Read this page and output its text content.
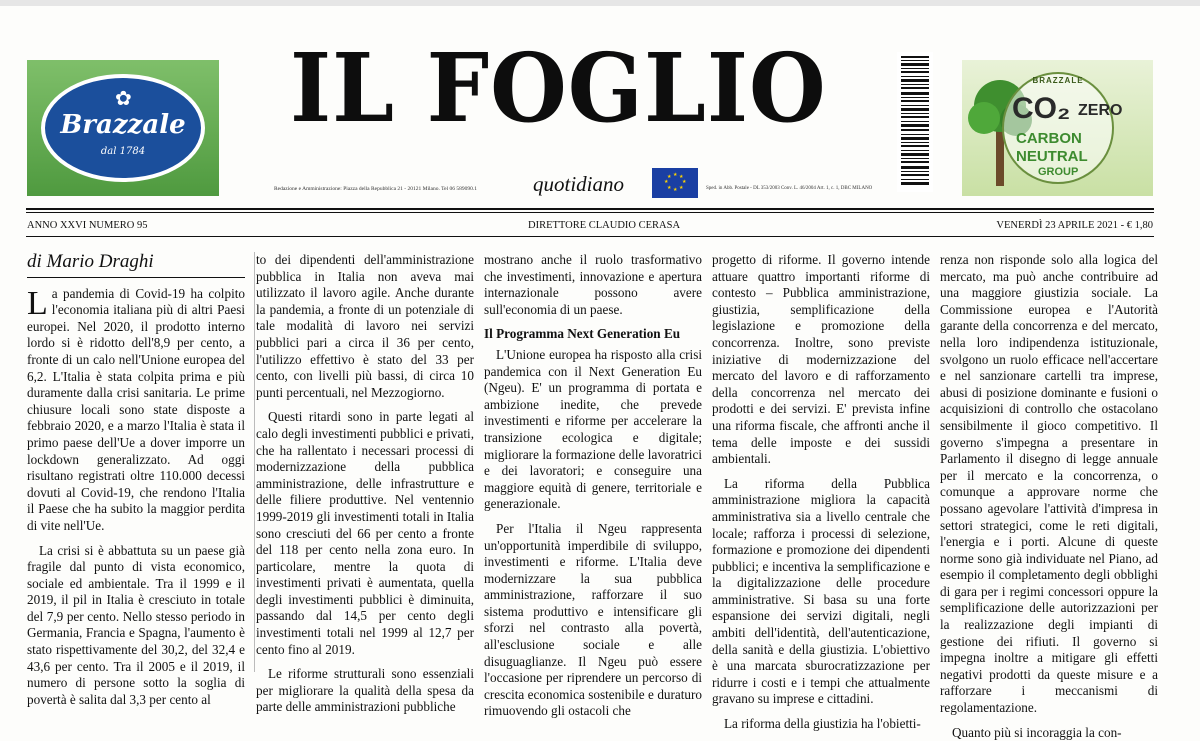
✿
Brazzale
dal 1784
BRAZZALE
CO₂ ZERO
CARBON
NEUTRAL
GROUP
IL FOGLIO
Redazione e Amministrazione: Piazza della Repubblica 21 - 20121 Milano. Tel 06 589090.1	quotidiano	★ ★
★
★
★
★
★
★
Sped. in Abb. Postale - DL 353/2003 Conv. L. 46/2004 Art. 1, c. 1, DBC MILANO
ANNO XXVI NUMERO 95	DIRETTORE CLAUDIO CERASA	VENERDÌ 23 APRILE 2021 - € 1,80
di Mario Draghi

La pandemia di Covid-19 ha colpito l'economia italiana più di altri Paesi europei. Nel 2020, il prodotto interno lordo si è ridotto dell'8,9 per cento, a fronte di un calo nell'Unione europea del 6,2. L'Italia è stata colpita prima e più duramente dalla crisi sanitaria. Le prime chiusure locali sono state disposte a febbraio 2020, e a marzo l'Italia è stata il primo paese dell'Ue a dover imporre un lockdown generalizzato. Ad oggi risultano registrati oltre 110.000 decessi dovuti al Covid-19, che rendono l'Italia il Paese che ha subito la maggior perdita di vite nell'Ue.

La crisi si è abbattuta su un paese già fragile dal punto di vista economico, sociale ed ambientale. Tra il 1999 e il 2019, il pil in Italia è cresciuto in totale del 7,9 per cento. Nello stesso periodo in Germania, Francia e Spagna, l'aumento è stato rispettivamente del 30,2, del 32,4 e 43,6 per cento. Tra il 2005 e il 2019, il numero di persone sotto la soglia di povertà è salita dal 3,3 per cento al

to dei dipendenti dell'amministrazione pubblica in Italia non aveva mai utilizzato il lavoro agile. Anche durante la pandemia, a fronte di un potenziale di tale modalità di lavoro nei servizi pubblici pari a circa il 36 per cento, l'utilizzo effettivo è stato del 33 per cento, con livelli più bassi, di circa 10 punti percentuali, nel Mezzogiorno.

Questi ritardi sono in parte legati al calo degli investimenti pubblici e privati, che ha rallentato i necessari processi di modernizzazione della pubblica amministrazione, delle infrastrutture e delle filiere produttive. Nel ventennio 1999-2019 gli investimenti totali in Italia sono cresciuti del 66 per cento a fronte del 118 per cento nella zona euro. In particolare, mentre la quota di investimenti privati è aumentata, quella degli investimenti pubblici è diminuita, passando dal 14,5 per cento degli investimenti totali nel 1999 al 12,7 per cento fino al 2019.

Le riforme strutturali sono essenziali per migliorare la qualità della spesa da parte delle amministrazioni pubbliche

mostrano anche il ruolo trasformativo che investimenti, innovazione e apertura internazionale possono avere sull'economia di un paese.

Il Programma Next Generation Eu

L'Unione europea ha risposto alla crisi pandemica con il Next Generation Eu (Ngeu). E' un programma di portata e ambizione inedite, che prevede investimenti e riforme per accelerare la transizione ecologica e digitale; migliorare la formazione delle lavoratrici e dei lavoratori; e conseguire una maggiore equità di genere, territoriale e generazionale.

Per l'Italia il Ngeu rappresenta un'opportunità imperdibile di sviluppo, investimenti e riforme. L'Italia deve modernizzare la sua pubblica amministrazione, rafforzare il suo sistema produttivo e intensificare gli sforzi nel contrasto alla povertà, all'esclusione sociale e alle disuguaglianze. Il Ngeu può essere l'occasione per riprendere un percorso di crescita economica sostenibile e duraturo rimuovendo gli ostacoli che

progetto di riforme. Il governo intende attuare quattro importanti riforme di contesto – Pubblica amministrazione, giustizia, semplificazione della legislazione e promozione della concorrenza. Inoltre, sono previste iniziative di modernizzazione del mercato del lavoro e di rafforzamento della concorrenza nel mercato dei prodotti e dei servizi. E' prevista infine una riforma fiscale, che affronti anche il tema delle imposte e dei sussidi ambientali.

La riforma della Pubblica amministrazione migliora la capacità amministrativa sia a livello centrale che locale; rafforza i processi di selezione, formazione e promozione dei dipendenti pubblici; e incentiva la semplificazione e la digitalizzazione delle procedure amministrative. Si basa su una forte espansione dei servizi digitali, negli ambiti dell'identità, dell'autenticazione, della sanità e della giustizia. L'obiettivo è una marcata sburocratizzazione per ridurre i costi e i tempi che attualmente gravano su imprese e cittadini.

La riforma della giustizia ha l'obietti-

renza non risponde solo alla logica del mercato, ma può anche contribuire ad una maggiore giustizia sociale. La Commissione europea e l'Autorità garante della concorrenza e del mercato, nella loro indipendenza istituzionale, svolgono un ruolo efficace nell'accertare e nel sanzionare cartelli tra imprese, abusi di posizione dominante e fusioni o acquisizioni di controllo che ostacolano sensibilmente il gioco competitivo. Il governo s'impegna a presentare in Parlamento il disegno di legge annuale per il mercato e la concorrenza, o comunque a approvare norme che possano agevolare l'attività d'impresa in settori strategici, come le reti digitali, l'energia e i porti. Alcune di queste norme sono già individuate nel Piano, ad esempio il completamento degli obblighi di gara per i regimi concessori oppure la semplificazione delle autorizzazioni per la realizzazione degli impianti di gestione dei rifiuti. Il governo si impegna inoltre a mitigare gli effetti negativi prodotti da queste misure e a rafforzare i meccanismi di regolamentazione.

Quanto più si incoraggia la con-
